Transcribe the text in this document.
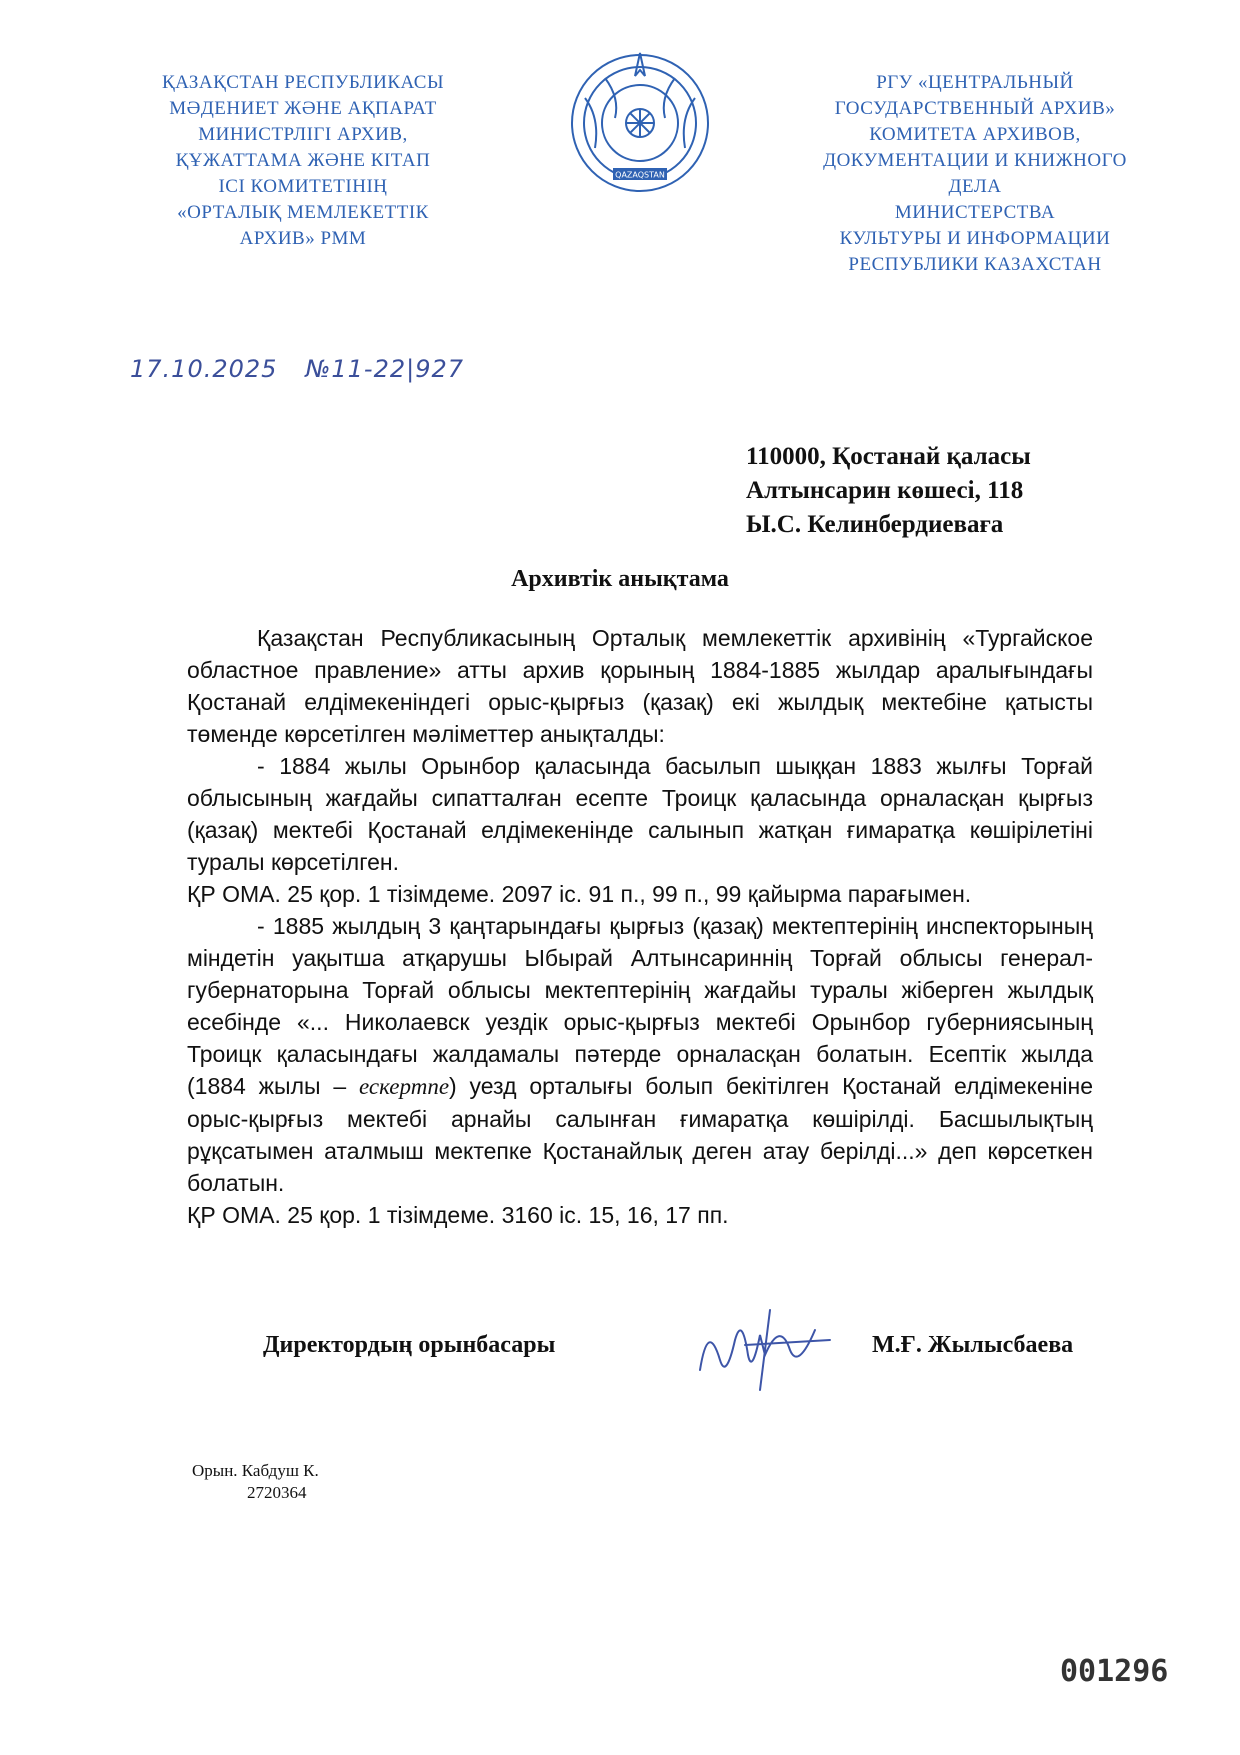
ҚАЗАҚСТАН РЕСПУБЛИКАСЫ
МӘДЕНИЕТ ЖӘНЕ АҚПАРАТ
МИНИСТРЛІГІ АРХИВ,
ҚҰЖАТТАМА ЖӘНЕ КІТАП
ІСІ КОМИТЕТІНІҢ
«ОРТАЛЫҚ МЕМЛЕКЕТТІК
АРХИВ» РММ
QAZAQSTAN
РГУ «ЦЕНТРАЛЬНЫЙ
ГОСУДАРСТВЕННЫЙ АРХИВ»
КОМИТЕТА АРХИВОВ,
ДОКУМЕНТАЦИИ И КНИЖНОГО ДЕЛА
МИНИСТЕРСТВА
КУЛЬТУРЫ И ИНФОРМАЦИИ
РЕСПУБЛИКИ КАЗАХСТАН
17.10.2025 №11-22|927
110000, Қостанай қаласы
Алтынсарин көшесі, 118
Ы.С. Келинбердиеваға
Архивтік анықтама

Қазақстан Республикасының Орталық мемлекеттік архивінің «Тургайское областное правление» атты архив қорының 1884-1885 жылдар аралығындағы Қостанай елдімекеніндегі орыс-қырғыз (қазақ) екі жылдық мектебіне қатысты төменде көрсетілген мәліметтер анықталды:

- 1884 жылы Орынбор қаласында басылып шыққан 1883 жылғы Торғай облысының жағдайы сипатталған есепте Троицк қаласында орналасқан қырғыз (қазақ) мектебі Қостанай елдімекенінде салынып жатқан ғимаратқа көшірілетіні туралы көрсетілген.

ҚР ОМА. 25 қор. 1 тізімдеме. 2097 іс. 91 п., 99 п., 99 қайырма парағымен.

- 1885 жылдың 3 қаңтарындағы қырғыз (қазақ) мектептерінің инспекторының міндетін уақытша атқарушы Ыбырай Алтынсариннің Торғай облысы генерал-губернаторына Торғай облысы мектептерінің жағдайы туралы жіберген жылдық есебінде «... Николаевск уездік орыс-қырғыз мектебі Орынбор губерниясының Троицк қаласындағы жалдамалы пәтерде орналасқан болатын. Есептік жылда (1884 жылы – ескертпе) уезд орталығы болып бекітілген Қостанай елдімекеніне орыс-қырғыз мектебі арнайы салынған ғимаратқа көшірілді. Басшылықтың рұқсатымен аталмыш мектепке Қостанайлық деген атау берілді...» деп көрсеткен болатын.

ҚР ОМА. 25 қор. 1 тізімдеме. 3160 іс. 15, 16, 17 пп.

Директордың орынбасары	М.Ғ. Жылысбаева
Орын. Кабдуш К.
2720364
001296
